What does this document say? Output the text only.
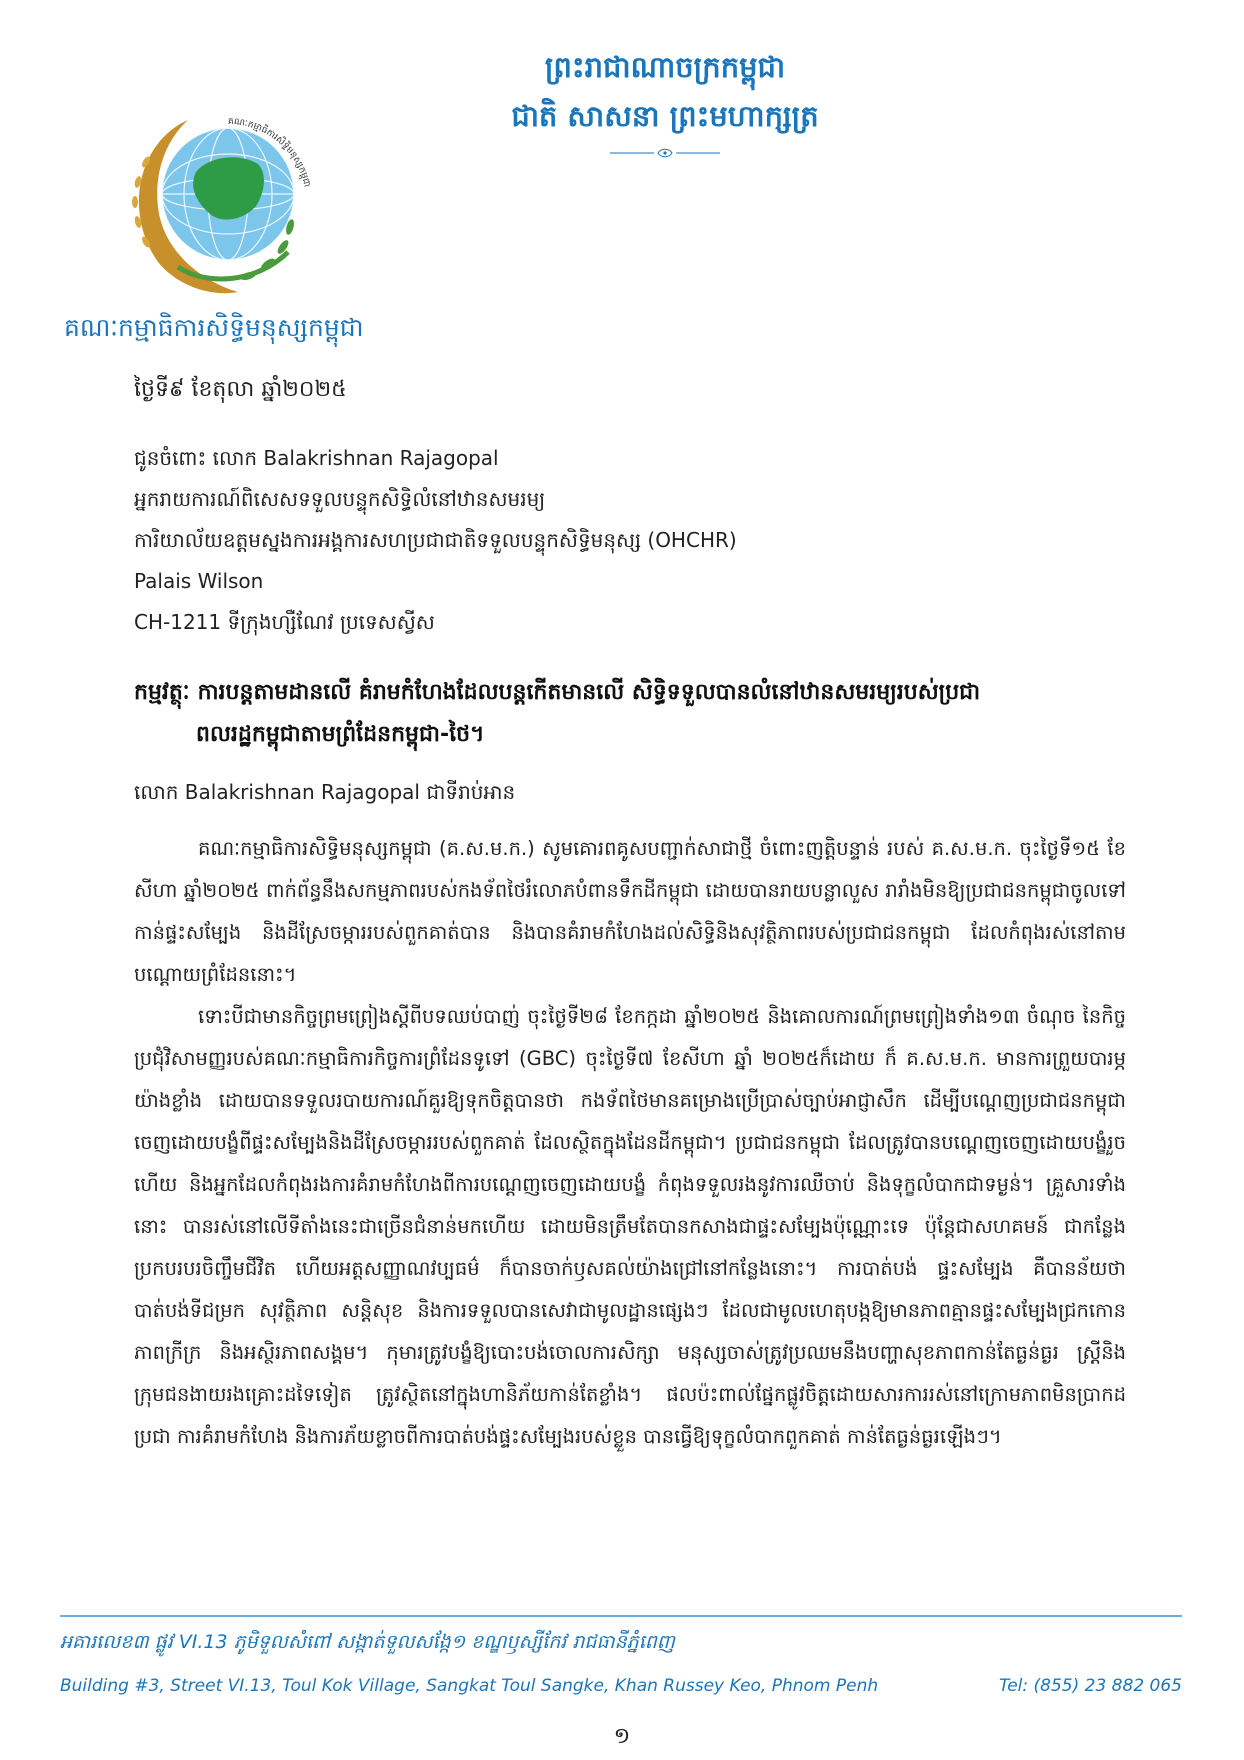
គណៈកម្មាធិការសិទ្ធិមនុស្សកម្ពុជា
ព្រះរាជាណាចក្រកម្ពុជា
ជាតិ សាសនា ព្រះមហាក្សត្រ
គណៈកម្មាធិការសិទ្ធិមនុស្សកម្ពុជា
ថ្ងៃទី៩ ខែតុលា ឆ្នាំ២០២៥
ជូនចំពោះ លោក Balakrishnan Rajagopal
អ្នករាយការណ៍ពិសេសទទួលបន្ទុកសិទ្ធិលំនៅឋានសមរម្យ
ការិយាល័យឧត្តមស្នងការអង្គការសហប្រជាជាតិទទួលបន្ទុកសិទ្ធិមនុស្ស (OHCHR)
Palais Wilson
CH-1211 ទីក្រុងហ្សឺណែវ ប្រទេសស្វីស
កម្មវត្ថុៈ ការបន្តតាមដានលើ គំរាមកំហែងដែលបន្តកើតមានលើ សិទ្ធិទទួលបានលំនៅឋានសមរម្យរបស់ប្រជា
ពលរដ្ឋកម្ពុជាតាមព្រំដែនកម្ពុជា-ថៃ។
លោក Balakrishnan Rajagopal ជាទីរាប់អាន

គណៈកម្មាធិការសិទ្ធិមនុស្សកម្ពុជា (គ.ស.ម.ក.) សូមគោរពគូសបញ្ជាក់សាជាថ្មី ចំពោះញត្តិបន្ទាន់ របស់ គ.ស.ម.ក. ចុះថ្ងៃទី១៥ ខែសីហា ឆ្នាំ២០២៥ ពាក់ព័ន្ធនឹងសកម្មភាពរបស់កងទ័ពថៃរំលោភបំពានទឹកដីកម្ពុជា ដោយបានរាយបន្លាលួស រារាំងមិនឱ្យប្រជាជនកម្ពុជាចូលទៅកាន់ផ្ទះសម្បែង និងដីស្រែចម្ការរបស់ពួកគាត់បាន និងបានគំរាមកំហែងដល់សិទ្ធិនិងសុវត្ថិភាពរបស់ប្រជាជនកម្ពុជា ដែលកំពុងរស់នៅតាមបណ្ដោយព្រំដែននោះ។

ទោះបីជាមានកិច្ចព្រមព្រៀងស្ដីពីបទឈប់បាញ់ ចុះថ្ងៃទី២៨ ខែកក្កដា ឆ្នាំ២០២៥ និងគោលការណ៍ព្រមព្រៀងទាំង១៣ ចំណុច នៃកិច្ចប្រជុំវិសាមញ្ញរបស់គណៈកម្មាធិការកិច្ចការព្រំដែនទូទៅ (GBC) ចុះថ្ងៃទី៧ ខែសីហា ឆ្នាំ ២០២៥ក៏ដោយ ក៏ គ.ស.ម.ក. មានការព្រួយបារម្ភយ៉ាងខ្លាំង ដោយបានទទួលរបាយការណ៍គួរឱ្យទុកចិត្តបានថា កងទ័ពថៃមានគម្រោងប្រើប្រាស់ច្បាប់អាជ្ញាសឹក ដើម្បីបណ្ដេញប្រជាជនកម្ពុជាចេញដោយបង្ខំពីផ្ទះសម្បែងនិងដីស្រែចម្ការរបស់ពួកគាត់ ដែលស្ថិតក្នុងដែនដីកម្ពុជា។ ប្រជាជនកម្ពុជា ដែលត្រូវបានបណ្ដេញចេញដោយបង្ខំរួចហើយ និងអ្នកដែលកំពុងរងការគំរាមកំហែងពីការបណ្ដេញចេញដោយបង្ខំ កំពុងទទួលរងនូវការឈឺចាប់ និងទុក្ខលំបាកជាទម្ងន់។ គ្រួសារទាំងនោះ បានរស់នៅលើទីតាំងនេះជាច្រើនជំនាន់មកហើយ ដោយមិនត្រឹមតែបានកសាងជាផ្ទះសម្បែងប៉ុណ្ណោះទេ ប៉ុន្តែជាសហគមន៍ ជាកន្លែងប្រកបរបរចិញ្ចឹមជីវិត ហើយអត្តសញ្ញាណវប្បធម៌ ក៏បានចាក់ឫសគល់យ៉ាងជ្រៅនៅកន្លែងនោះ។ ការបាត់បង់ ផ្ទះសម្បែង គឺបានន័យថា បាត់បង់ទីជម្រក សុវត្ថិភាព សន្តិសុខ និងការទទួលបានសេវាជាមូលដ្ឋានផ្សេងៗ ដែលជាមូលហេតុបង្កឱ្យមានភាពគ្មានផ្ទះសម្បែងជ្រកកោន ភាពក្រីក្រ និងអស្ថិរភាពសង្គម។ កុមារត្រូវបង្ខំឱ្យបោះបង់ចោលការសិក្សា មនុស្សចាស់ត្រូវប្រឈមនឹងបញ្ហាសុខភាពកាន់តែធ្ងន់ធ្ងរ ស្ត្រីនិងក្រុមជនងាយរងគ្រោះដទៃទៀត ត្រូវស្ថិតនៅក្នុងហានិភ័យកាន់តែខ្លាំង។ ផលប៉ះពាល់ផ្នែកផ្លូវចិត្តដោយសារការរស់នៅក្រោមភាពមិនប្រាកដប្រជា ការគំរាមកំហែង និងការភ័យខ្លាចពីការបាត់បង់ផ្ទះសម្បែងរបស់ខ្លួន បានធ្វើឱ្យទុក្ខលំបាកពួកគាត់ កាន់តែធ្ងន់ធ្ងរឡើងៗ។

អគារលេខ៣ ផ្លូវ VI.13 ភូមិទួលសំពៅ សង្កាត់ទួលសង្កែ១ ខណ្ឌឫស្សីកែវ រាជធានីភ្នំពេញ
Building #3, Street VI.13, Toul Kok Village, Sangkat Toul Sangke, Khan Russey Keo, Phnom Penh	Tel: (855) 23 882 065
១
